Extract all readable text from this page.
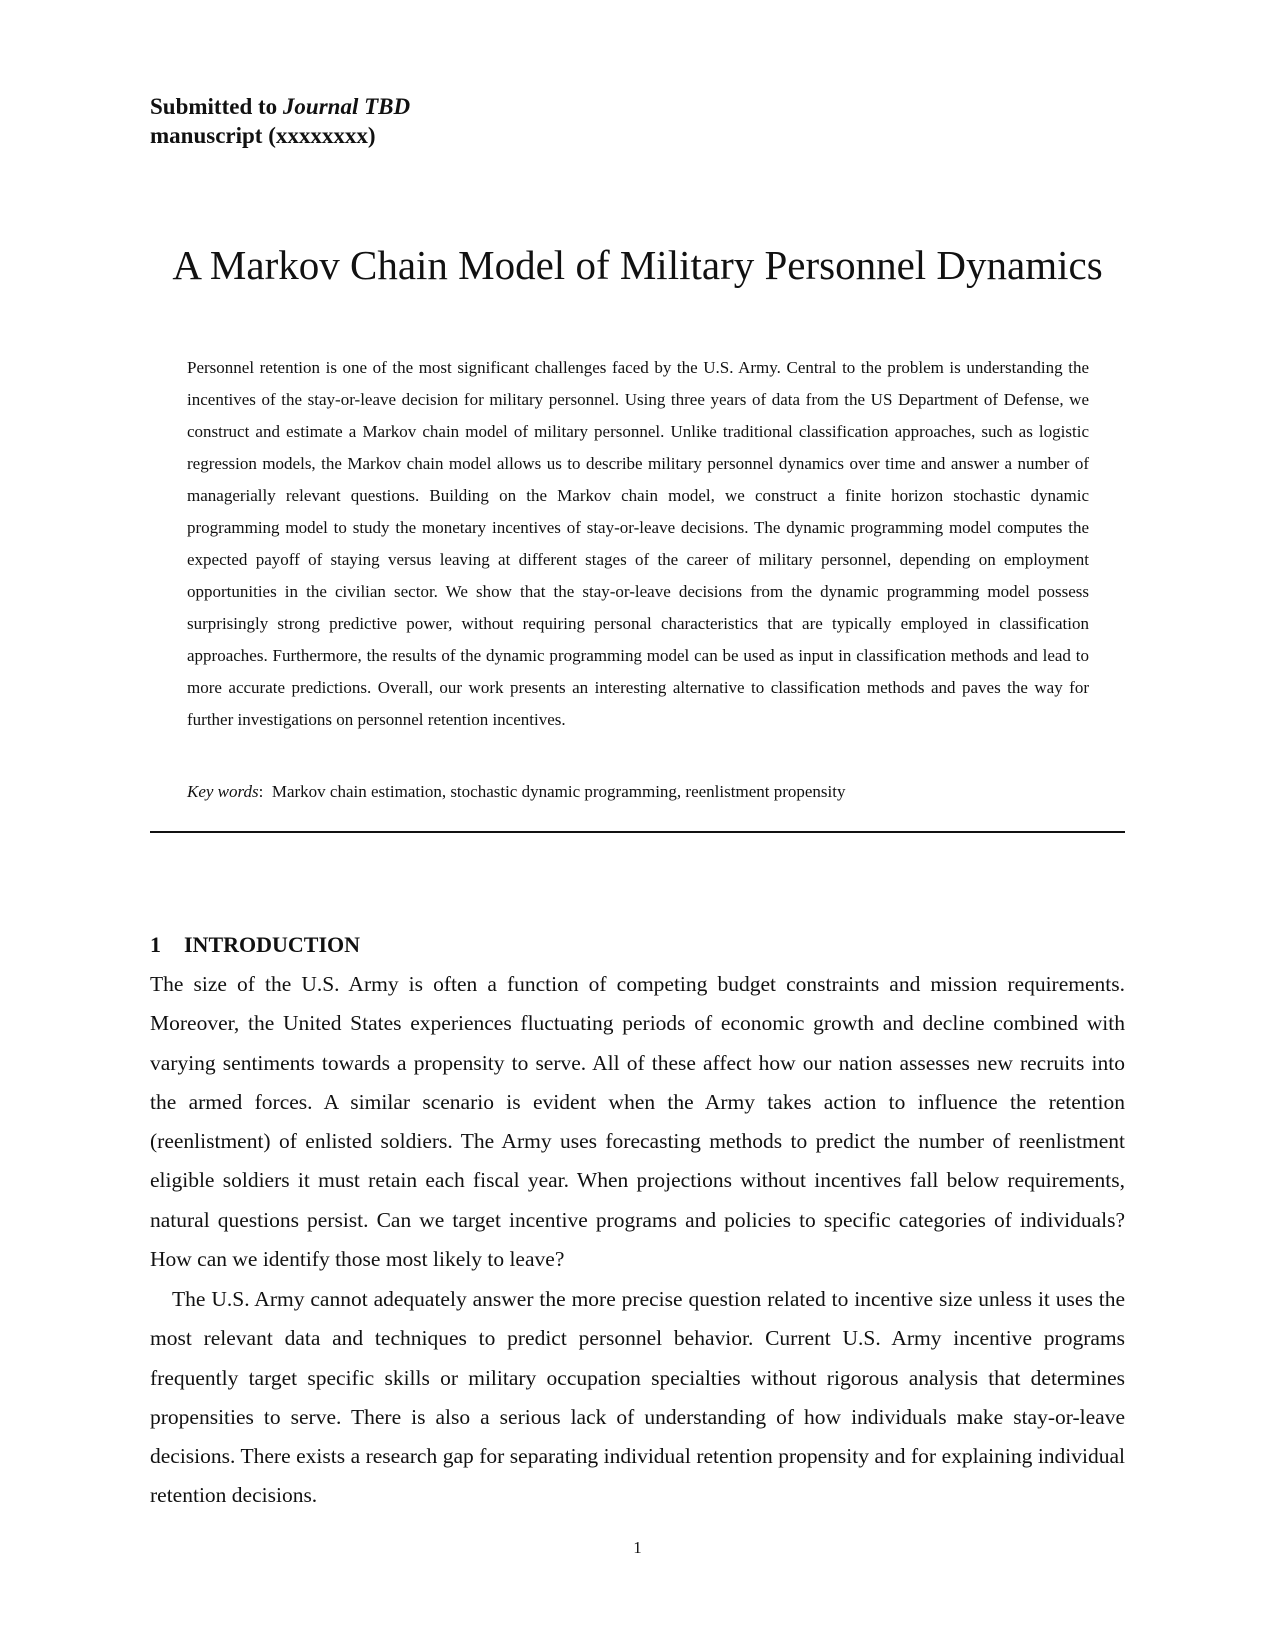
Submitted to Journal TBD
manuscript (xxxxxxxx)
A Markov Chain Model of Military Personnel Dynamics

Personnel retention is one of the most significant challenges faced by the U.S. Army. Central to the problem is understanding the incentives of the stay-or-leave decision for military personnel. Using three years of data from the US Department of Defense, we construct and estimate a Markov chain model of military personnel. Unlike traditional classification approaches, such as logistic regression models, the Markov chain model allows us to describe military personnel dynamics over time and answer a number of managerially relevant questions. Building on the Markov chain model, we construct a finite horizon stochastic dynamic programming model to study the monetary incentives of stay-or-leave decisions. The dynamic programming model computes the expected payoff of staying versus leaving at different stages of the career of military personnel, depending on employment opportunities in the civilian sector. We show that the stay-or-leave decisions from the dynamic programming model possess surprisingly strong predictive power, without requiring personal characteristics that are typically employed in classification approaches. Furthermore, the results of the dynamic programming model can be used as input in classification methods and lead to more accurate predictions. Overall, our work presents an interesting alternative to classification methods and paves the way for further investigations on personnel retention incentives.

Key words: Markov chain estimation, stochastic dynamic programming, reenlistment propensity
1 INTRODUCTION

The size of the U.S. Army is often a function of competing budget constraints and mission requirements. Moreover, the United States experiences fluctuating periods of economic growth and decline combined with varying sentiments towards a propensity to serve. All of these affect how our nation assesses new recruits into the armed forces. A similar scenario is evident when the Army takes action to influence the retention (reenlistment) of enlisted soldiers. The Army uses forecasting methods to predict the number of reenlistment eligible soldiers it must retain each fiscal year. When projections without incentives fall below requirements, natural questions persist. Can we target incentive programs and policies to specific categories of individuals? How can we identify those most likely to leave?

The U.S. Army cannot adequately answer the more precise question related to incentive size unless it uses the most relevant data and techniques to predict personnel behavior. Current U.S. Army incentive programs frequently target specific skills or military occupation specialties without rigorous analysis that determines propensities to serve. There is also a serious lack of understanding of how individuals make stay-or-leave decisions. There exists a research gap for separating individual retention propensity and for explaining individual retention decisions.

1
